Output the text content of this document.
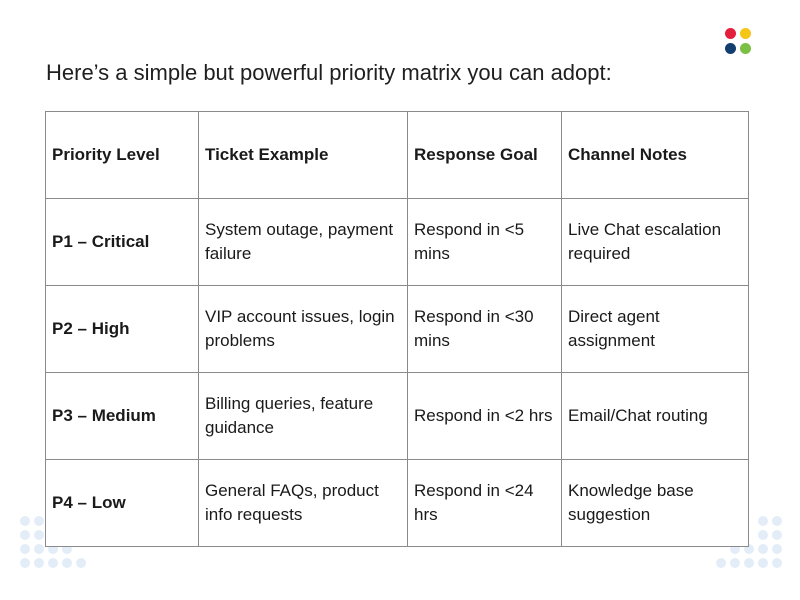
Here’s a simple but powerful priority matrix you can adopt:
Priority Level	Ticket Example	Response Goal	Channel Notes
P1 – Critical	System outage, payment failure	Respond in <5 mins	Live Chat escalation required
P2 – High	VIP account issues, login problems	Respond in <30 mins	Direct agent assignment
P3 – Medium	Billing queries, feature guidance	Respond in <2 hrs	Email/Chat routing
P4 – Low	General FAQs, product info requests	Respond in <24 hrs	Knowledge base suggestion
